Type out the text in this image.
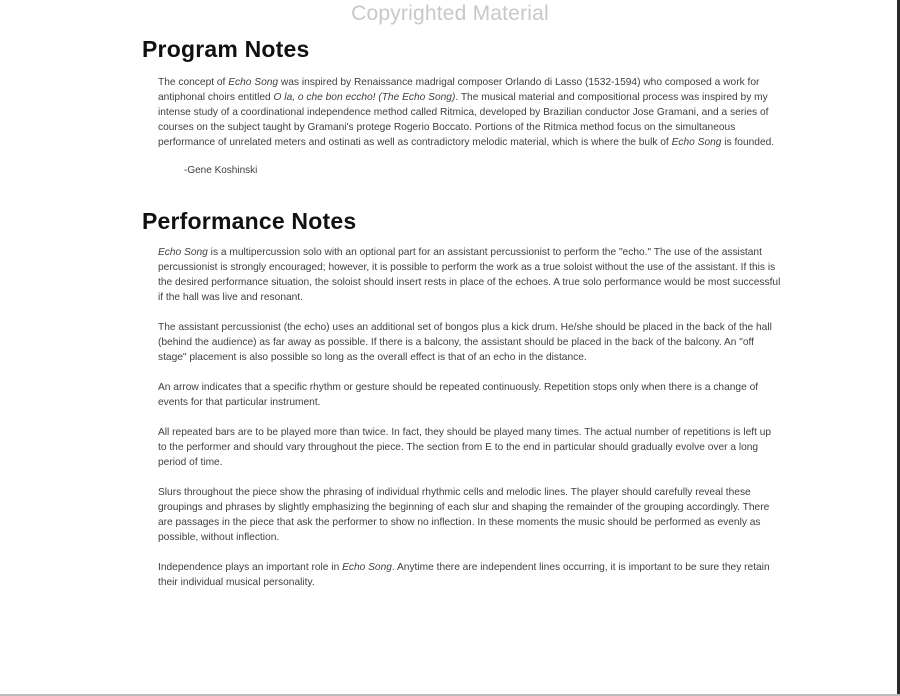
Copyrighted Material
Program Notes

The concept of Echo Song was inspired by Renaissance madrigal composer Orlando di Lasso (1532-1594) who composed a work for antiphonal choirs entitled O la, o che bon eccho! (The Echo Song). The musical material and compositional process was inspired by my intense study of a coordinational independence method called Ritmica, developed by Brazilian conductor Jose Gramani, and a series of courses on the subject taught by Gramani's protege Rogerio Boccato. Portions of the Ritmica method focus on the simultaneous performance of unrelated meters and ostinati as well as contradictory melodic material, which is where the bulk of Echo Song is founded.

-Gene Koshinski
Performance Notes

Echo Song is a multipercussion solo with an optional part for an assistant percussionist to perform the "echo." The use of the assistant percussionist is strongly encouraged; however, it is possible to perform the work as a true soloist without the use of the assistant. If this is the desired performance situation, the soloist should insert rests in place of the echoes. A true solo performance would be most successful if the hall was live and resonant.

The assistant percussionist (the echo) uses an additional set of bongos plus a kick drum. He/she should be placed in the back of the hall (behind the audience) as far away as possible. If there is a balcony, the assistant should be placed in the back of the balcony. An "off stage" placement is also possible so long as the overall effect is that of an echo in the distance.

An arrow indicates that a specific rhythm or gesture should be repeated continuously. Repetition stops only when there is a change of events for that particular instrument.

All repeated bars are to be played more than twice. In fact, they should be played many times. The actual number of repetitions is left up to the performer and should vary throughout the piece. The section from E to the end in particular should gradually evolve over a long period of time.

Slurs throughout the piece show the phrasing of individual rhythmic cells and melodic lines. The player should carefully reveal these groupings and phrases by slightly emphasizing the beginning of each slur and shaping the remainder of the grouping accordingly. There are passages in the piece that ask the performer to show no inflection. In these moments the music should be performed as evenly as possible, without inflection.

Independence plays an important role in Echo Song. Anytime there are independent lines occurring, it is important to be sure they retain their individual musical personality.
